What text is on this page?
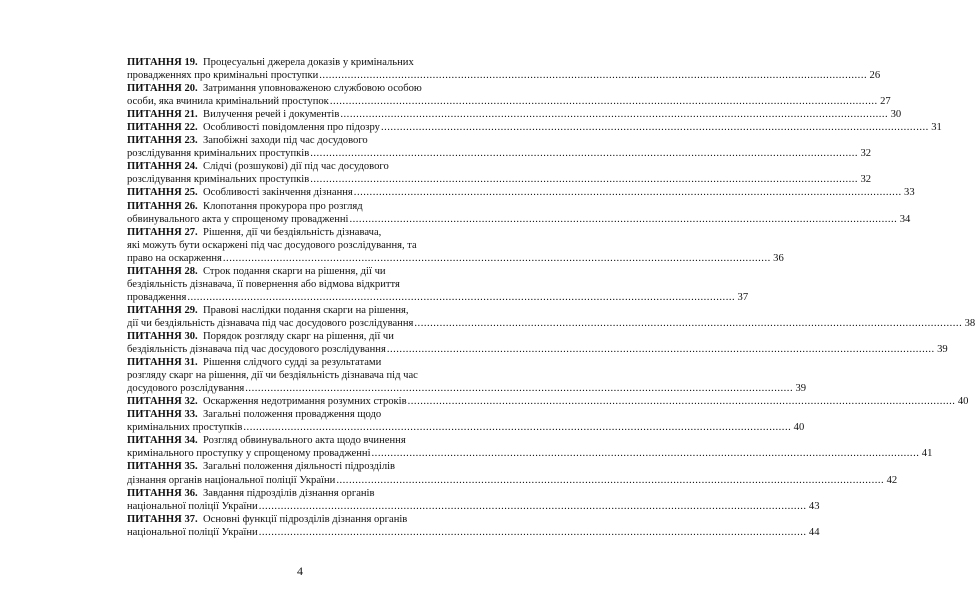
ПИТАННЯ 19. Процесуальні джерела доказів у кримінальних
провадженнях про кримінальні проступки .....	26
ПИТАННЯ 20. Затримання уповноваженою службовою особою
особи, яка вчинила кримінальний проступок .....	27
ПИТАННЯ 21. Вилучення речей і документів .....	30
ПИТАННЯ 22. Особливості повідомлення про підозру .....	31
ПИТАННЯ 23. Запобіжні заходи під час досудового
розслідування кримінальних проступків .....	32
ПИТАННЯ 24. Слідчі (розшукові) дії під час досудового
розслідування кримінальних проступків .....	32
ПИТАННЯ 25. Особливості закінчення дізнання .....	33
ПИТАННЯ 26. Клопотання прокурора про розгляд
обвинувального акта у спрощеному провадженні .....	34
ПИТАННЯ 27. Рішення, дії чи бездіяльність дізнавача,
які можуть бути оскаржені під час досудового розслідування, та
право на оскарження .....	36
ПИТАННЯ 28. Строк подання скарги на рішення, дії чи
бездіяльність дізнавача, її повернення або відмова відкриття
провадження .....	37
ПИТАННЯ 29. Правові наслідки подання скарги на рішення,
дії чи бездіяльність дізнавача під час досудового розслідування .....	38
ПИТАННЯ 30. Порядок розгляду скарг на рішення, дії чи
бездіяльність дізнавача під час досудового розслідування .....	39
ПИТАННЯ 31. Рішення слідчого судді за результатами
розгляду скарг на рішення, дії чи бездіяльність дізнавача під час
досудового розслідування .....	39
ПИТАННЯ 32. Оскарження недотримання розумних строків .....	40
ПИТАННЯ 33. Загальні положення провадження щодо
кримінальних проступків .....	40
ПИТАННЯ 34. Розгляд обвинувального акта щодо вчинення
кримінального проступку у спрощеному провадженні .....	41
ПИТАННЯ 35. Загальні положення діяльності підрозділів
дізнання органів національної поліції України .....	42
ПИТАННЯ 36. Завдання підрозділів дізнання органів
національної поліції України .....	43
ПИТАННЯ 37. Основні функції підрозділів дізнання органів
національної поліції України .....	44
4
